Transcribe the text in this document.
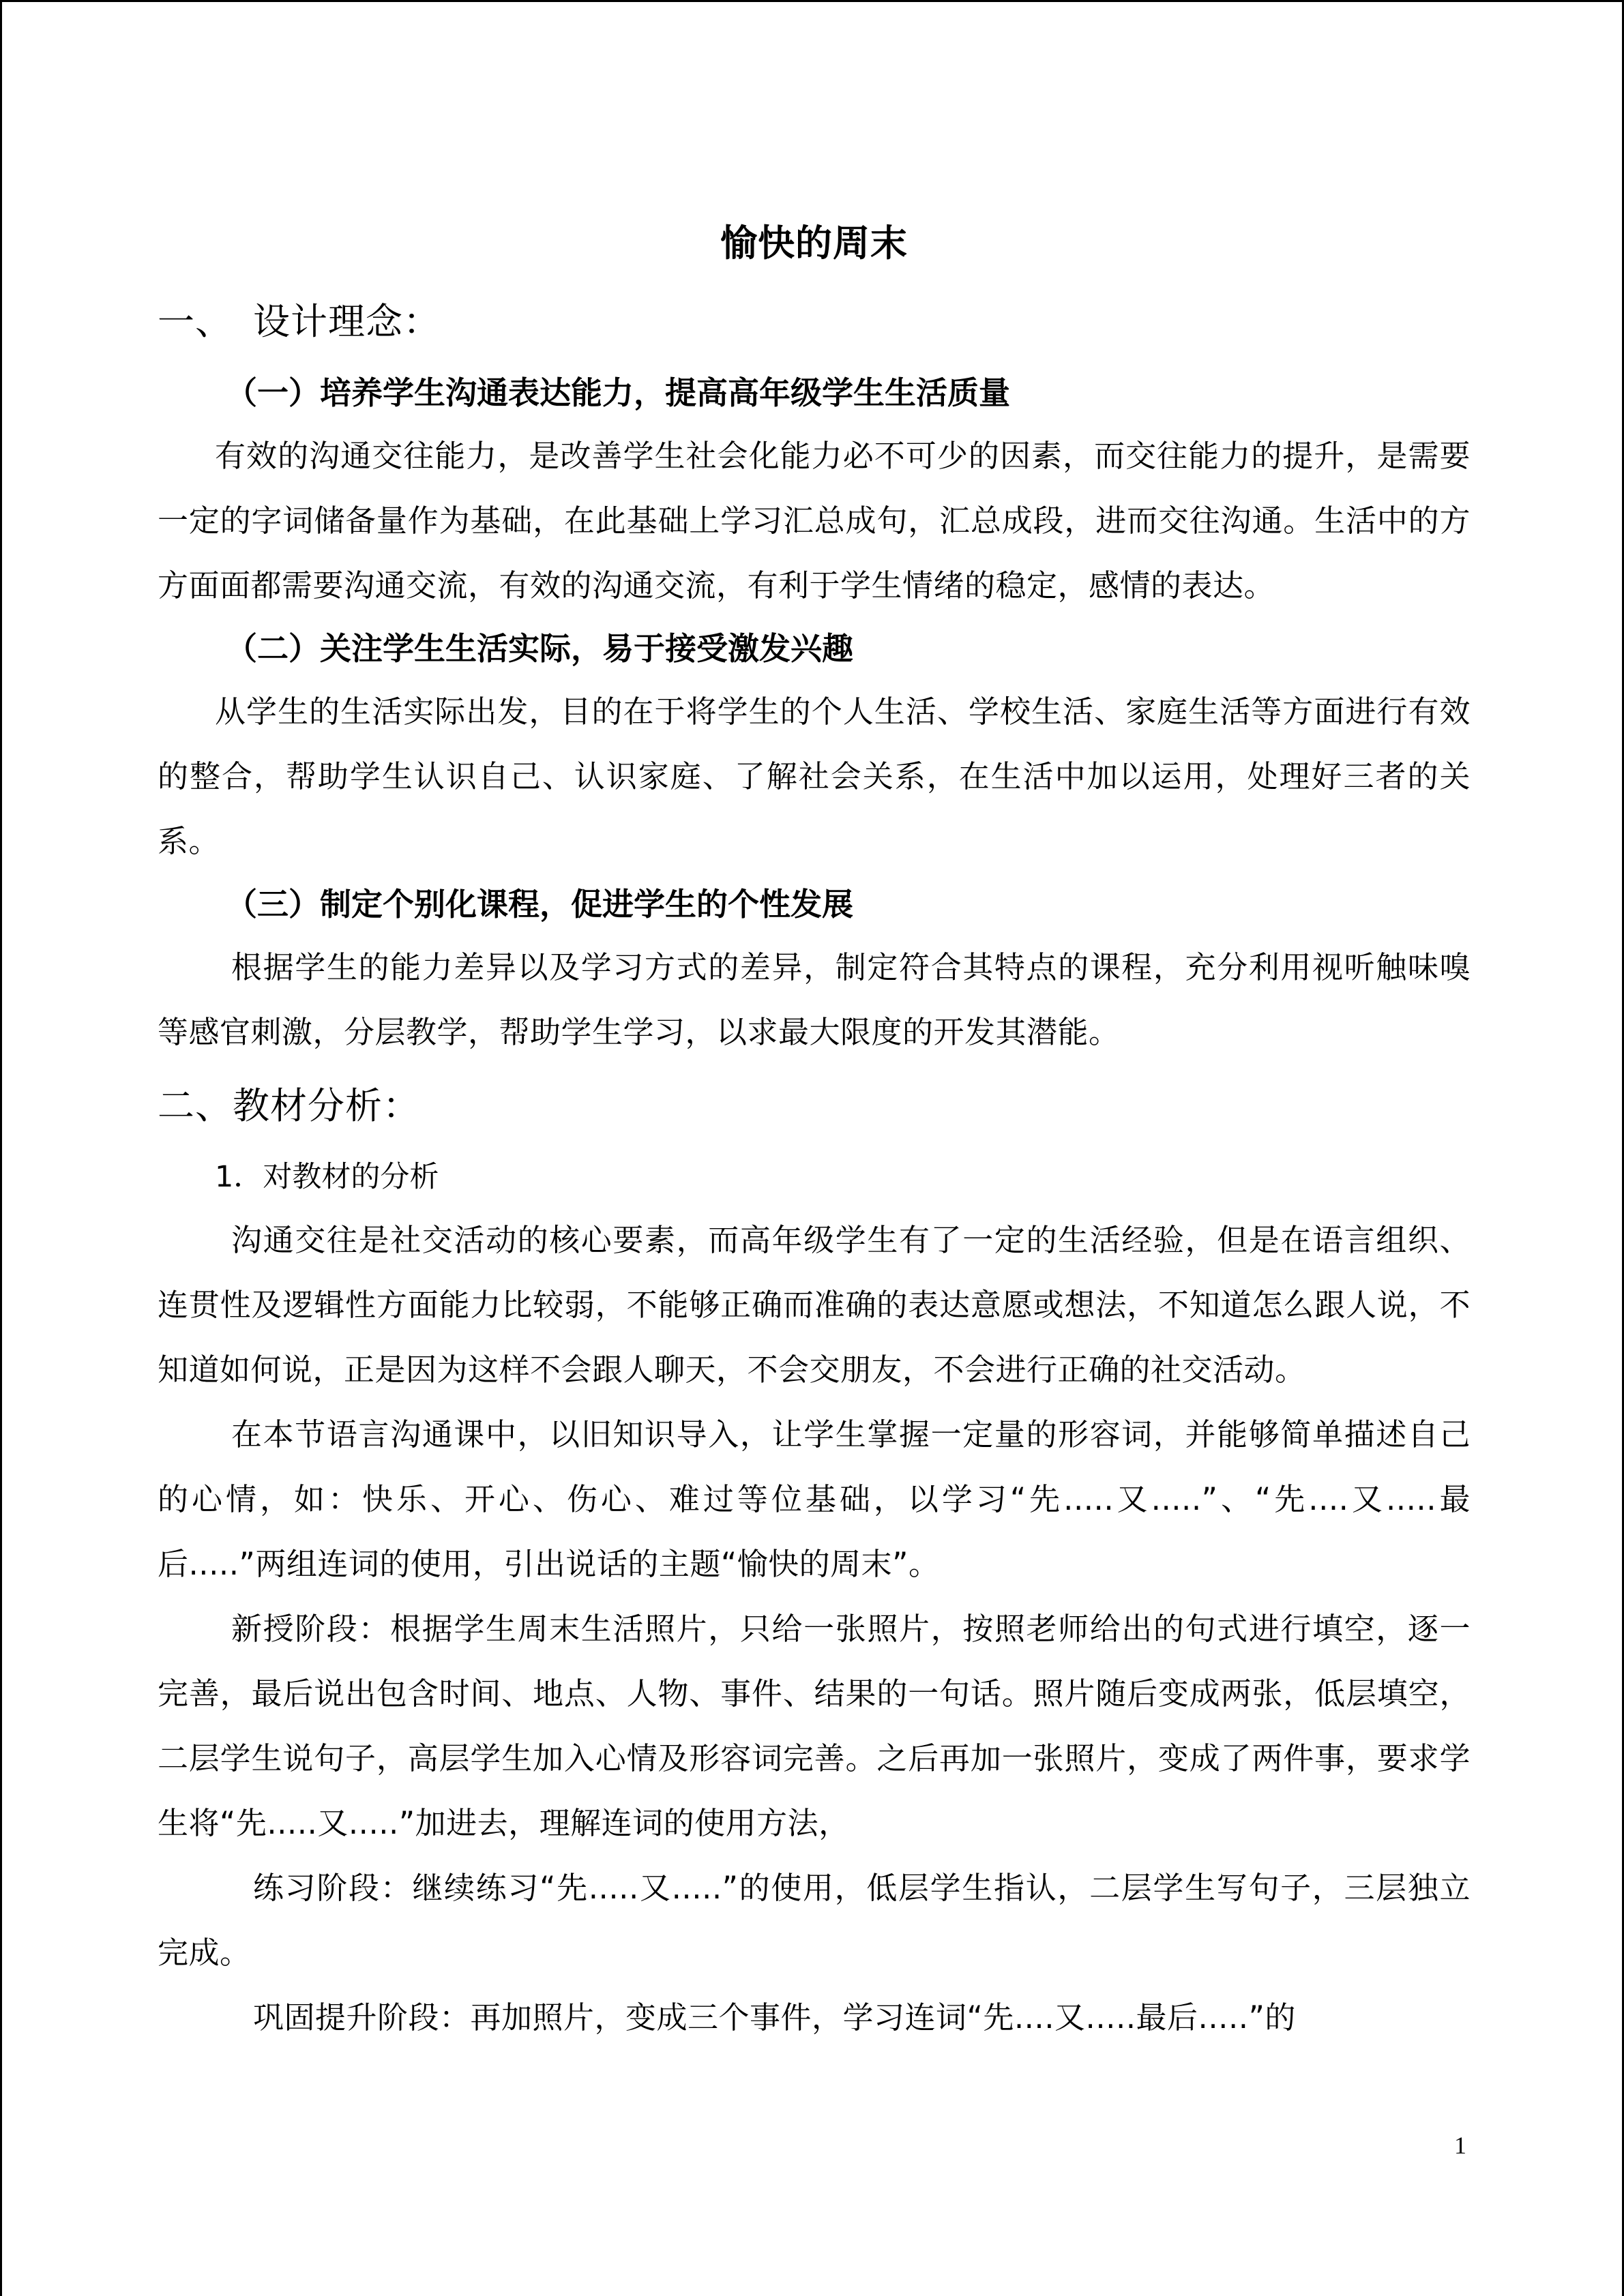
愉快的周末
一、 设计理念：
（一）培养学生沟通表达能力，提高高年级学生生活质量

有效的沟通交往能力，是改善学生社会化能力必不可少的因素，而交往能力的提升，是需要一定的字词储备量作为基础，在此基础上学习汇总成句，汇总成段，进而交往沟通。生活中的方方面面都需要沟通交流，有效的沟通交流，有利于学生情绪的稳定，感情的表达。

（二）关注学生生活实际，易于接受激发兴趣

从学生的生活实际出发，目的在于将学生的个人生活、学校生活、家庭生活等方面进行有效的整合，帮助学生认识自己、认识家庭、了解社会关系，在生活中加以运用，处理好三者的关系。

（三）制定个别化课程，促进学生的个性发展

根据学生的能力差异以及学习方式的差异，制定符合其特点的课程，充分利用视听触味嗅等感官刺激，分层教学，帮助学生学习，以求最大限度的开发其潜能。

二、教材分析：
1．对教材的分析

沟通交往是社交活动的核心要素，而高年级学生有了一定的生活经验，但是在语言组织、连贯性及逻辑性方面能力比较弱，不能够正确而准确的表达意愿或想法，不知道怎么跟人说，不知道如何说，正是因为这样不会跟人聊天，不会交朋友，不会进行正确的社交活动。

在本节语言沟通课中，以旧知识导入，让学生掌握一定量的形容词，并能够简单描述自己的心情，如：快乐、开心、伤心、难过等位基础，以学习“先.....又.....”、“先....又.....最后.....”两组连词的使用，引出说话的主题“愉快的周末”。

新授阶段：根据学生周末生活照片，只给一张照片，按照老师给出的句式进行填空，逐一完善，最后说出包含时间、地点、人物、事件、结果的一句话。照片随后变成两张，低层填空，二层学生说句子，高层学生加入心情及形容词完善。之后再加一张照片，变成了两件事，要求学生将“先.....又.....”加进去，理解连词的使用方法，

练习阶段：继续练习“先.....又.....”的使用，低层学生指认，二层学生写句子，三层独立完成。

巩固提升阶段：再加照片，变成三个事件，学习连词“先....又.....最后.....”的

1
